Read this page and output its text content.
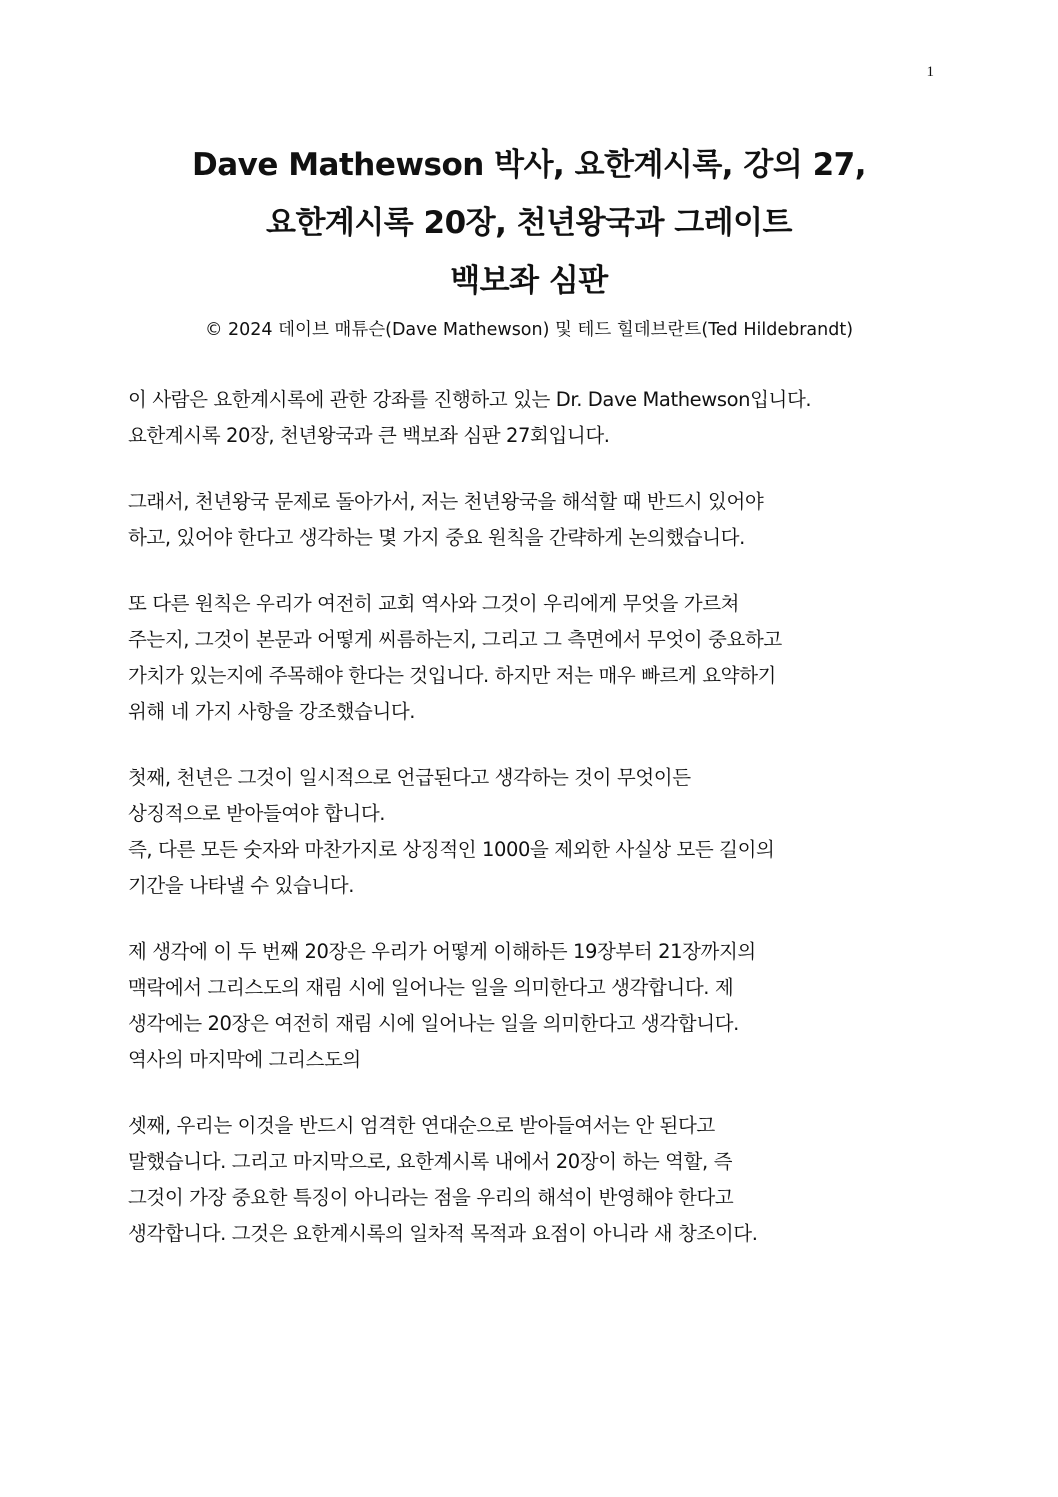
1
Dave Mathewson 박사, 요한계시록, 강의 27,
요한계시록 20장, 천년왕국과 그레이트
백보좌 심판
© 2024 데이브 매튜슨(Dave Mathewson) 및 테드 힐데브란트(Ted Hildebrandt)
이 사람은 요한계시록에 관한 강좌를 진행하고 있는 Dr. Dave Mathewson입니다.
요한계시록 20장, 천년왕국과 큰 백보좌 심판 27회입니다.
그래서, 천년왕국 문제로 돌아가서, 저는 천년왕국을 해석할 때 반드시 있어야
하고, 있어야 한다고 생각하는 몇 가지 중요 원칙을 간략하게 논의했습니다.
또 다른 원칙은 우리가 여전히 교회 역사와 그것이 우리에게 무엇을 가르쳐
주는지, 그것이 본문과 어떻게 씨름하는지, 그리고 그 측면에서 무엇이 중요하고
가치가 있는지에 주목해야 한다는 것입니다. 하지만 저는 매우 빠르게 요약하기
위해 네 가지 사항을 강조했습니다.
첫째, 천년은 그것이 일시적으로 언급된다고 생각하는 것이 무엇이든
상징적으로 받아들여야 합니다.
즉, 다른 모든 숫자와 마찬가지로 상징적인 1000을 제외한 사실상 모든 길이의
기간을 나타낼 수 있습니다.
제 생각에 이 두 번째 20장은 우리가 어떻게 이해하든 19장부터 21장까지의
맥락에서 그리스도의 재림 시에 일어나는 일을 의미한다고 생각합니다. 제
생각에는 20장은 여전히 재림 시에 일어나는 일을 의미한다고 생각합니다.
역사의 마지막에 그리스도의
셋째, 우리는 이것을 반드시 엄격한 연대순으로 받아들여서는 안 된다고
말했습니다. 그리고 마지막으로, 요한계시록 내에서 20장이 하는 역할, 즉
그것이 가장 중요한 특징이 아니라는 점을 우리의 해석이 반영해야 한다고
생각합니다. 그것은 요한계시록의 일차적 목적과 요점이 아니라 새 창조이다.
